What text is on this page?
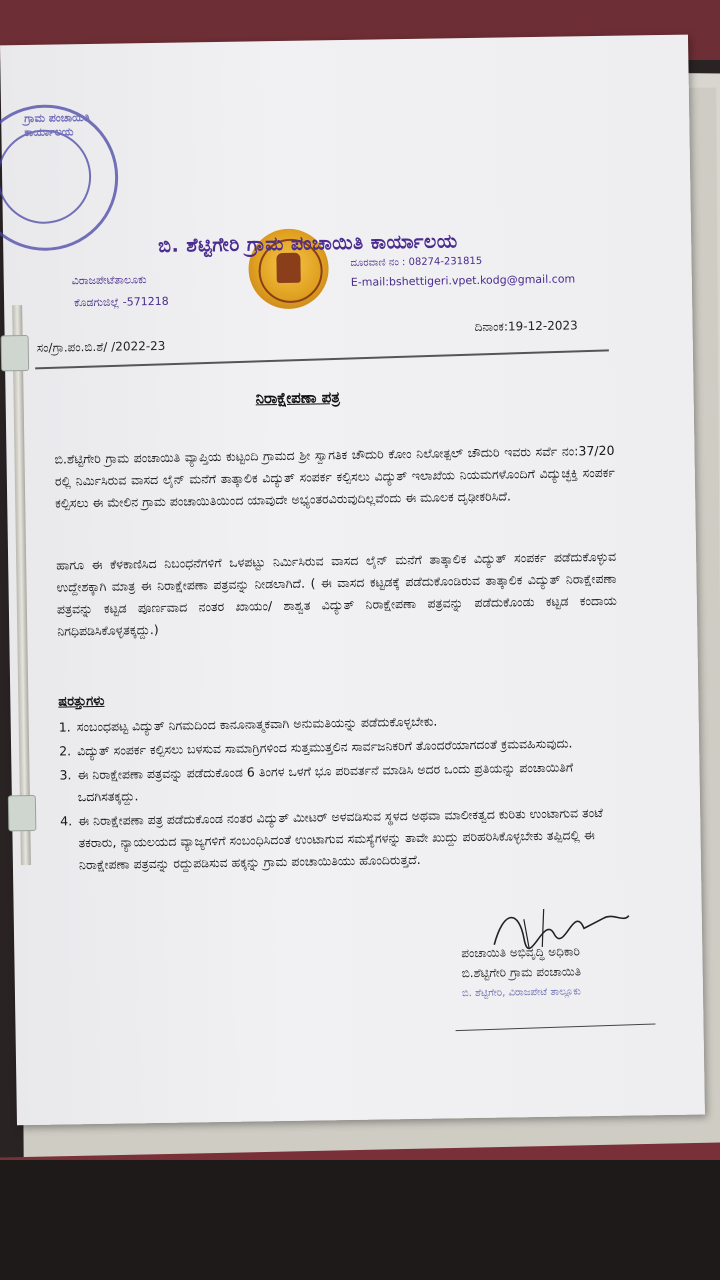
ಗ್ರಾಮ ಪಂಚಾಯಿತಿ ಕಾರ್ಯಾಲಯ
ಬಿ. ಶೆಟ್ಟಿಗೇರಿ ಗ್ರಾಮ ಪಂಚಾಯಿತಿ ಕಾರ್ಯಾಲಯ
ವಿರಾಜಪೇಟೆತಾಲೂಕು
ಕೊಡಗುಜಿಲ್ಲೆ -571218
ದೂರವಾಣಿ ನಂ : 08274-231815
E-mail:bshettigeri.vpet.kodg@gmail.com
ಸಂ/ಗ್ರಾ.ಪಂ.ಬಿ.ಶೆ/ /2022-23
ದಿನಾಂಕ:19-12-2023
ನಿರಾಕ್ಷೇಪಣಾ ಪತ್ರ
ಬಿ.ಶೆಟ್ಟಿಗೇರಿ ಗ್ರಾಮ ಪಂಚಾಯಿತಿ ವ್ಯಾಪ್ತಿಯ ಕುಟ್ಟಂದಿ ಗ್ರಾಮದ ಶ್ರೀ ಸ್ವಾಗತಿಕ ಚೌದುರಿ ಕೋಂ ನಿಲೋತ್ಪಲ್ ಚೌದುರಿ ಇವರು ಸರ್ವೆ ನಂ:37/20 ರಲ್ಲಿ ನಿರ್ಮಿಸಿರುವ ವಾಸದ ಲೈನ್ ಮನೆಗೆ ತಾತ್ಕಾಲಿಕ ವಿದ್ಯುತ್ ಸಂಪರ್ಕ ಕಲ್ಪಿಸಲು ವಿದ್ಯುತ್ ಇಲಾಖೆಯ ನಿಯಮಗಳೊಂದಿಗೆ ವಿದ್ಯುಚ್ಛಕ್ತಿ ಸಂಪರ್ಕ ಕಲ್ಪಿಸಲು ಈ ಮೇಲಿನ ಗ್ರಾಮ ಪಂಚಾಯಿತಿಯಿಂದ ಯಾವುದೇ ಅಭ್ಯಂತರವಿರುವುದಿಲ್ಲವೆಂದು ಈ ಮೂಲಕ ದೃಢೀಕರಿಸಿದೆ.
ಹಾಗೂ ಈ ಕೆಳಕಾಣಿಸಿದ ನಿಬಂಧನೆಗಳಿಗೆ ಒಳಪಟ್ಟು ನಿರ್ಮಿಸಿರುವ ವಾಸದ ಲೈನ್ ಮನೆಗೆ ತಾತ್ಕಾಲಿಕ ವಿದ್ಯುತ್ ಸಂಪರ್ಕ ಪಡೆದುಕೊಳ್ಳುವ ಉದ್ದೇಶಕ್ಕಾಗಿ ಮಾತ್ರ ಈ ನಿರಾಕ್ಷೇಪಣಾ ಪತ್ರವನ್ನು ನೀಡಲಾಗಿದೆ. ( ಈ ವಾಸದ ಕಟ್ಟಡಕ್ಕೆ ಪಡೆದುಕೊಂಡಿರುವ ತಾತ್ಕಾಲಿಕ ವಿದ್ಯುತ್ ನಿರಾಕ್ಷೇಪಣಾ ಪತ್ರವನ್ನು ಕಟ್ಟಡ ಪೂರ್ಣವಾದ ನಂತರ ಖಾಯಂ/ ಶಾಶ್ವತ ವಿದ್ಯುತ್ ನಿರಾಕ್ಷೇಪಣಾ ಪತ್ರವನ್ನು ಪಡೆದುಕೊಂಡು ಕಟ್ಟಡ ಕಂದಾಯ ನಿಗಧಿಪಡಿಸಿಕೊಳ್ಳತಕ್ಕದ್ದು.)
ಷರತ್ತುಗಳು
1. ಸಂಬಂಧಪಟ್ಟ ವಿದ್ಯುತ್ ನಿಗಮದಿಂದ ಕಾನೂನಾತ್ಮಕವಾಗಿ ಅನುಮತಿಯನ್ನು ಪಡೆದುಕೊಳ್ಳಬೇಕು.
2. ವಿದ್ಯುತ್ ಸಂಪರ್ಕ ಕಲ್ಪಿಸಲು ಬಳಸುವ ಸಾಮಾಗ್ರಿಗಳಿಂದ ಸುತ್ತಮುತ್ತಲಿನ ಸಾರ್ವಜನಿಕರಿಗೆ ತೊಂದರೆಯಾಗದಂತೆ ಕ್ರಮವಹಿಸುವುದು.
3. ಈ ನಿರಾಕ್ಷೇಪಣಾ ಪತ್ರವನ್ನು ಪಡೆದುಕೊಂಡ 6 ತಿಂಗಳ ಒಳಗೆ ಭೂ ಪರಿವರ್ತನೆ ಮಾಡಿಸಿ ಅದರ ಒಂದು ಪ್ರತಿಯನ್ನು ಪಂಚಾಯಿತಿಗೆ ಒದಗಿಸತಕ್ಕದ್ದು.
4. ಈ ನಿರಾಕ್ಷೇಪಣಾ ಪತ್ರ ಪಡೆದುಕೊಂಡ ನಂತರ ವಿದ್ಯುತ್ ಮೀಟರ್ ಅಳವಡಿಸುವ ಸ್ಥಳದ ಅಥವಾ ಮಾಲೀಕತ್ವದ ಕುರಿತು ಉಂಟಾಗುವ ತಂಟೆ ತಕರಾರು, ನ್ಯಾಯಲಯದ ವ್ಯಾಜ್ಯಗಳಿಗೆ ಸಂಬಂಧಿಸಿದಂತೆ ಉಂಟಾಗುವ ಸಮಸ್ಯೆಗಳನ್ನು ತಾವೇ ಖುದ್ದು ಪರಿಹರಿಸಿಕೊಳ್ಳಬೇಕು ತಪ್ಪಿದಲ್ಲಿ ಈ ನಿರಾಕ್ಷೇಪಣಾ ಪತ್ರವನ್ನು ರದ್ದುಪಡಿಸುವ ಹಕ್ಕನ್ನು ಗ್ರಾಮ ಪಂಚಾಯಿತಿಯು ಹೊಂದಿರುತ್ತದೆ.
ಪಂಚಾಯಿತಿ ಅಭಿವೃದ್ಧಿ ಅಧಿಕಾರಿ
ಬಿ.ಶೆಟ್ಟಿಗೇರಿ ಗ್ರಾಮ ಪಂಚಾಯಿತಿ
ಬಿ. ಶೆಟ್ಟಿಗೇರಿ, ವಿರಾಜಪೇಟೆ ತಾಲ್ಲೂಕು
